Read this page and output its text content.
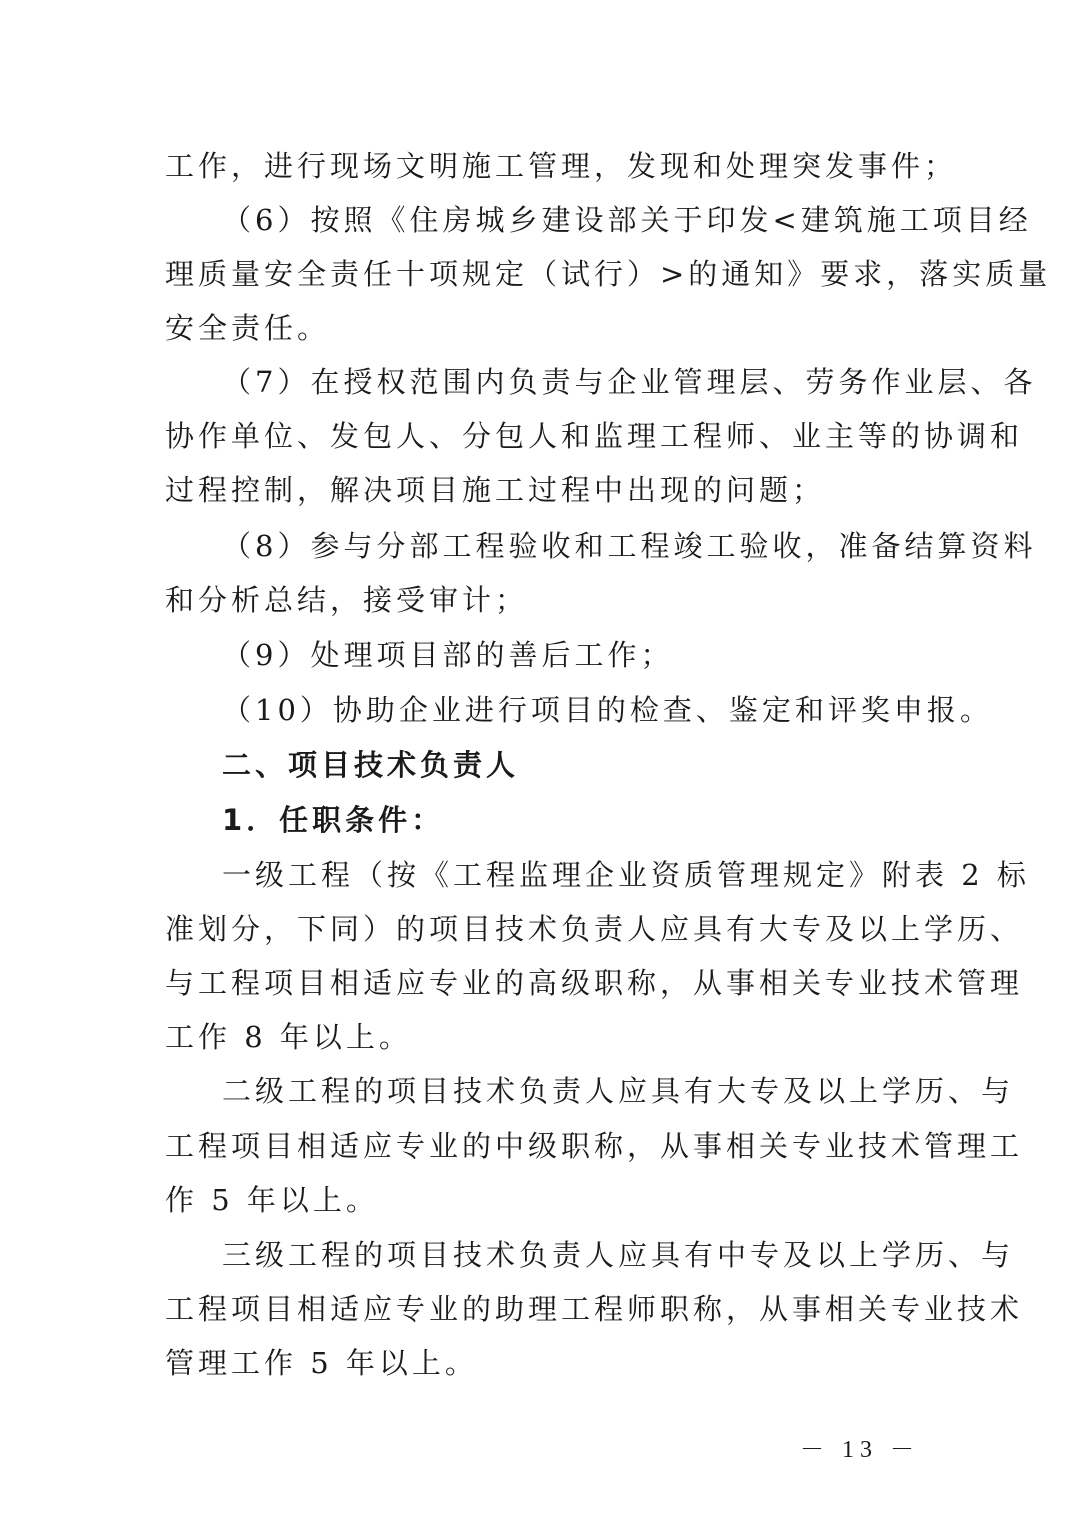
工作，进行现场文明施工管理，发现和处理突发事件；
（6）按照《住房城乡建设部关于印发<建筑施工项目经
理质量安全责任十项规定（试行）>的通知》要求，落实质量
安全责任。
（7）在授权范围内负责与企业管理层、劳务作业层、各
协作单位、发包人、分包人和监理工程师、业主等的协调和
过程控制，解决项目施工过程中出现的问题；
（8）参与分部工程验收和工程竣工验收，准备结算资料
和分析总结，接受审计；
（9）处理项目部的善后工作；
（10）协助企业进行项目的检查、鉴定和评奖申报。
二、项目技术负责人
1．任职条件：
一级工程（按《工程监理企业资质管理规定》附表 2 标
准划分，下同）的项目技术负责人应具有大专及以上学历、
与工程项目相适应专业的高级职称，从事相关专业技术管理
工作 8 年以上。
二级工程的项目技术负责人应具有大专及以上学历、与
工程项目相适应专业的中级职称，从事相关专业技术管理工
作 5 年以上。
三级工程的项目技术负责人应具有中专及以上学历、与
工程项目相适应专业的助理工程师职称，从事相关专业技术
管理工作 5 年以上。
－ 13 －
